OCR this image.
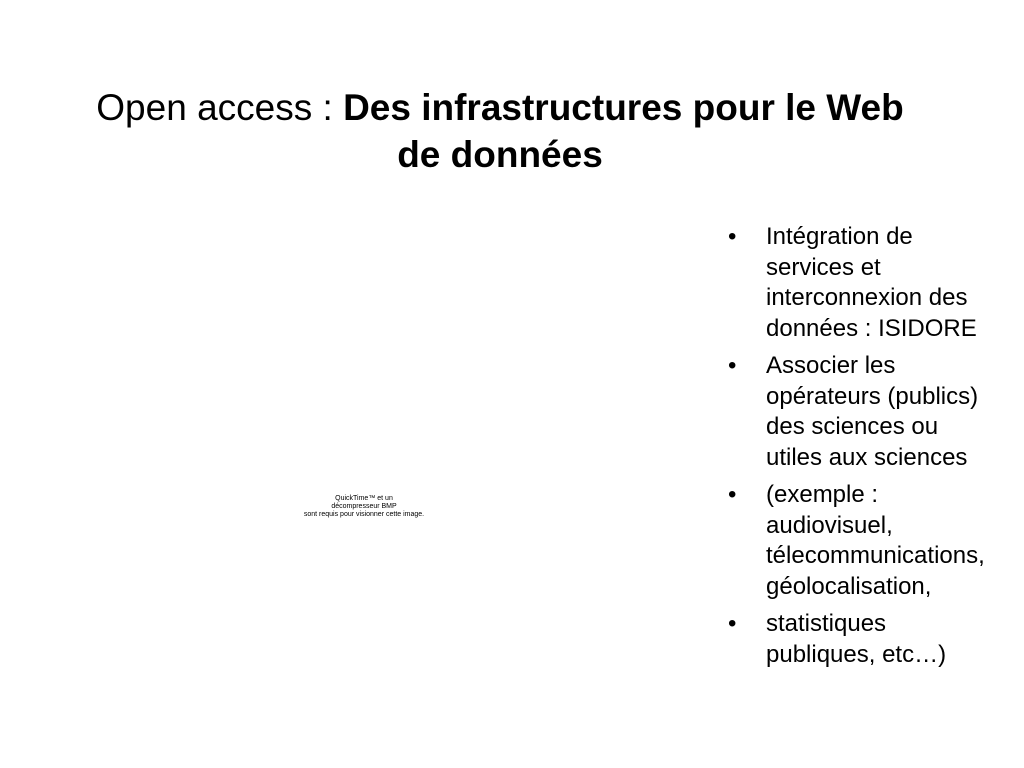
Open access : Des infrastructures pour le Web
de données
QuickTime™ et un
décompresseur BMP
sont requis pour visionner cette image.
• Intégration de
services et
interconnexion des
données : ISIDORE
• Associer les
opérateurs (publics)
des sciences ou
utiles aux sciences
• (exemple :
audiovisuel,
télecommunications,
géolocalisation,
• statistiques
publiques, etc…)
